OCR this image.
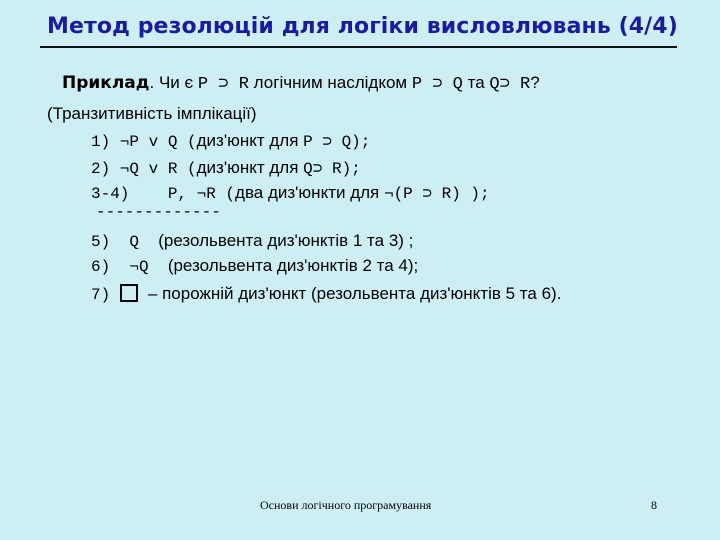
Метод резолюцій для логіки висловлювань (4/4)
Приклад. Чи є P ⊃ R логічним наслідком P ⊃ Q та Q⊃ R?
(Транзитивність імплікації)
1) ¬P v Q (диз'юнкт для P ⊃ Q);
2) ¬Q v R (диз'юнкт для Q⊃ R);
3-4)    P, ¬R (два диз'юнкти для ¬(P ⊃ R) );
-------------
5)  Q  (резольвента диз'юнктів 1 та 3) ;
6)  ¬Q  (резольвента диз'юнктів 2 та 4);
7) – порожній диз'юнкт (резольвента диз'юнктів 5 та 6).
Основи логічного програмування	8
